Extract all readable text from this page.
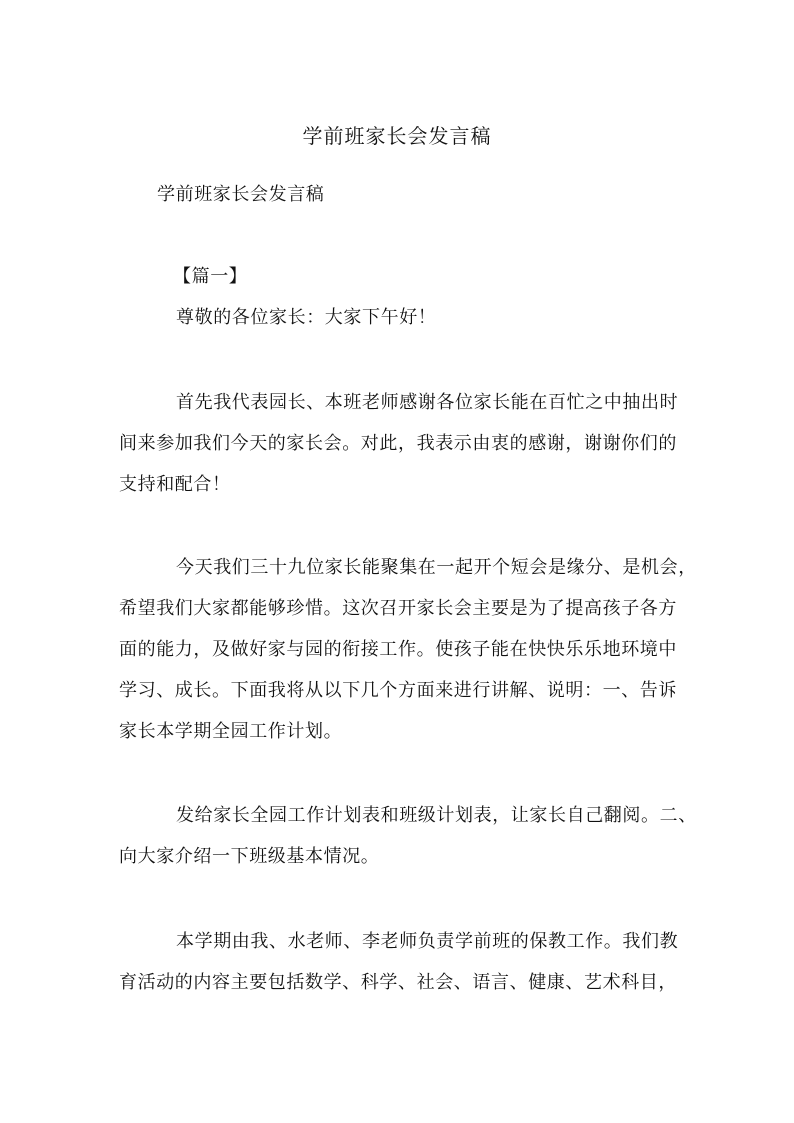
学前班家长会发言稿
学前班家长会发言稿
【篇一】
尊敬的各位家长：大家下午好！
首先我代表园长、本班老师感谢各位家长能在百忙之中抽出时
间来参加我们今天的家长会。对此，我表示由衷的感谢，谢谢你们的
支持和配合！
今天我们三十九位家长能聚集在一起开个短会是缘分、是机会，
希望我们大家都能够珍惜。这次召开家长会主要是为了提高孩子各方
面的能力，及做好家与园的衔接工作。使孩子能在快快乐乐地环境中
学习、成长。下面我将从以下几个方面来进行讲解、说明：一、告诉
家长本学期全园工作计划。
发给家长全园工作计划表和班级计划表，让家长自己翻阅。二、
向大家介绍一下班级基本情况。
本学期由我、水老师、李老师负责学前班的保教工作。我们教
育活动的内容主要包括数学、科学、社会、语言、健康、艺术科目，
